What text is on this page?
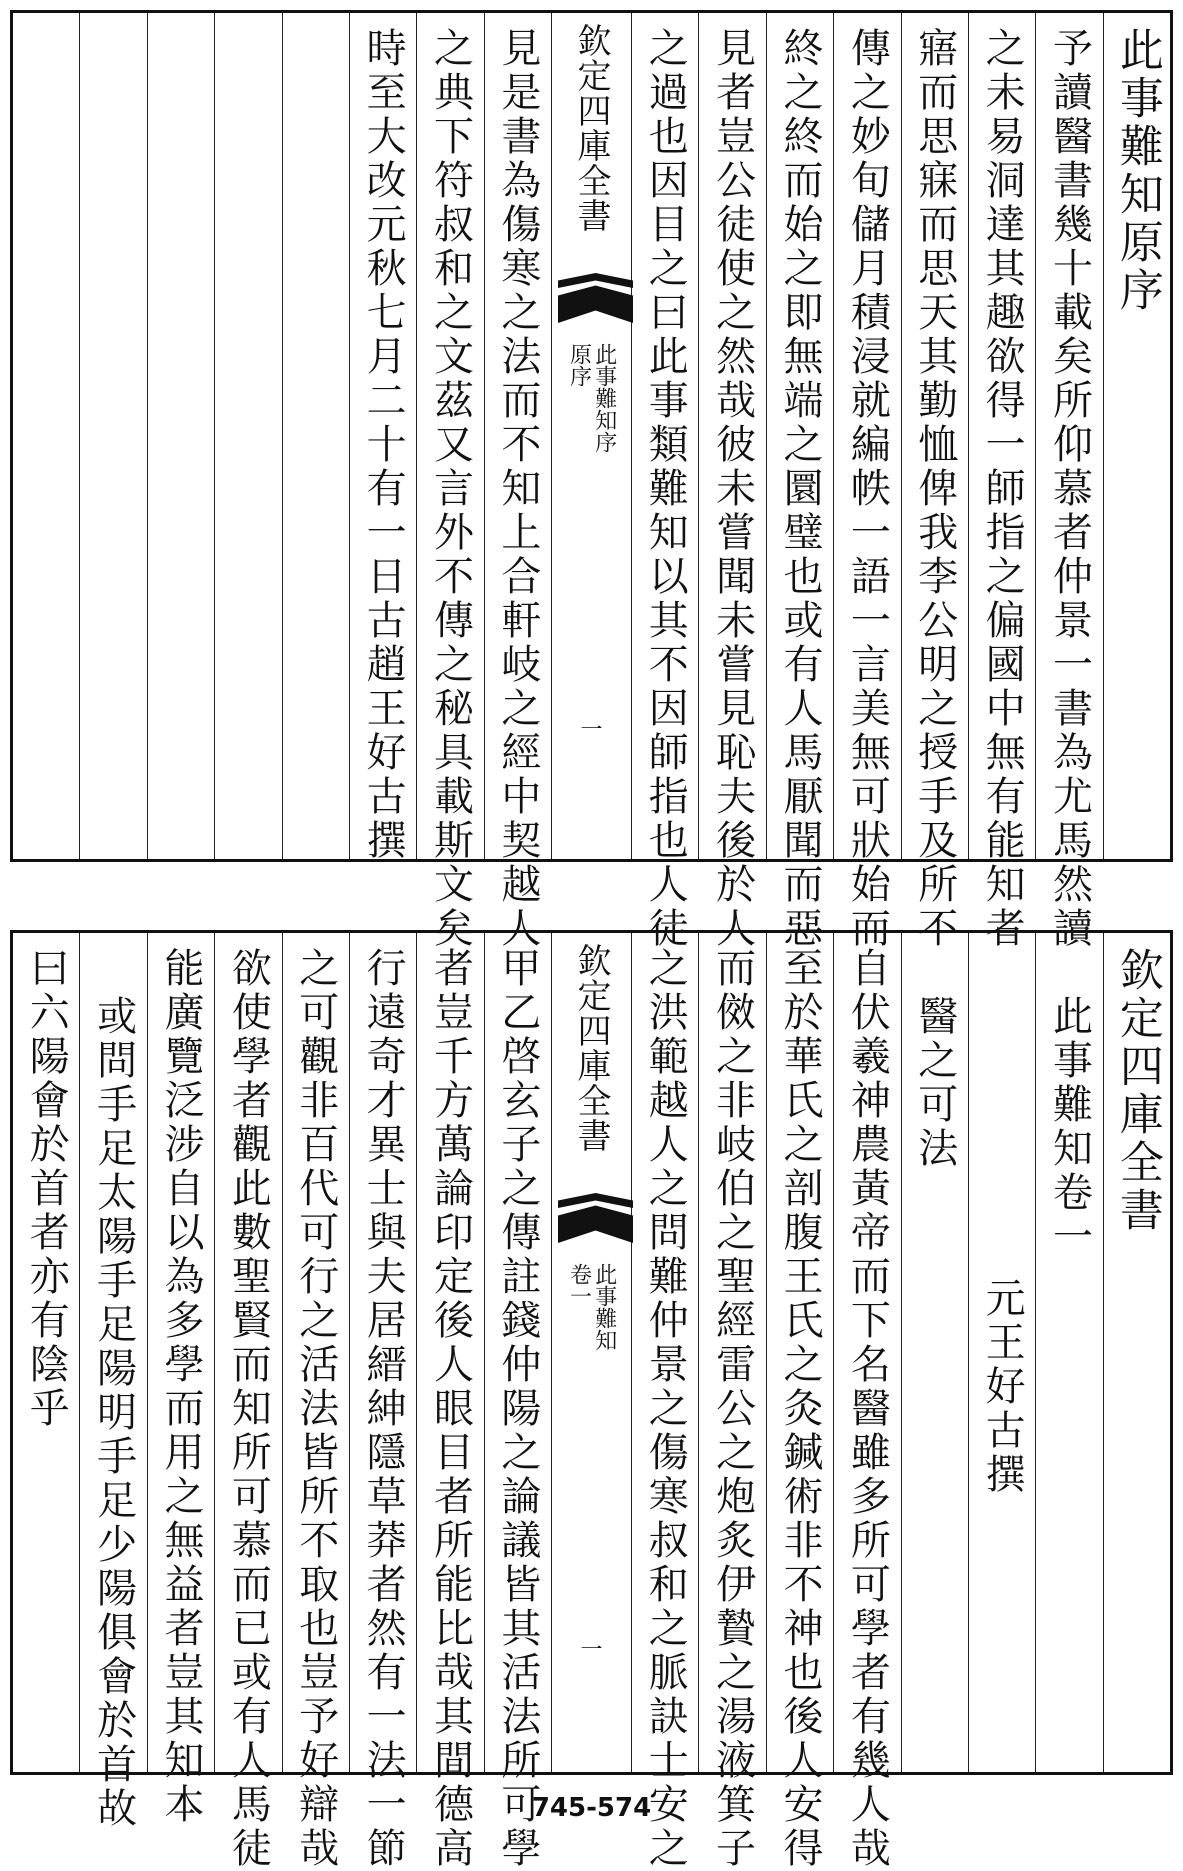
此事難知原序
予讀醫書幾十載矣所仰慕者仲景一書為尤馬然讀
之未易洞達其趣欲得一師指之偏國中無有能知者
寤而思寐而思天其勤恤俾我李公明之授手及所不
傳之妙旬儲月積浸就編帙一語一言美無可狀始而
終之終而始之即無端之圜璧也或有人馬厭聞而惡
見者豈公徒使之然哉彼未嘗聞未嘗見恥夫後於人
之過也因目之曰此事類難知以其不因師指也人徒
欽定四庫全書
此事難知序
原序
一
見是書為傷寒之法而不知上合軒岐之經中契越人
之典下符叔和之文茲又言外不傳之秘具載斯文矣
時至大改元秋七月二十有一日古趙王好古撰
欽定四庫全書
此事難知卷一
元王好古撰
醫之可法
自伏羲神農黃帝而下名醫雖多所可學者有幾人哉
至於華氏之剖腹王氏之灸鍼術非不神也後人安得
而傚之非岐伯之聖經雷公之炮炙伊贄之湯液箕子
之洪範越人之問難仲景之傷寒叔和之脈訣士安之
欽定四庫全書
此事難知
卷一
一
甲乙啓玄子之傳註錢仲陽之論議皆其活法所可學
者豈千方萬論印定後人眼目者所能比哉其間德高
行遠奇才異士與夫居縉紳隱草莽者然有一法一節
之可觀非百代可行之活法皆所不取也豈予好辯哉
欲使學者觀此數聖賢而知所可慕而已或有人馬徒
能廣覽泛涉自以為多學而用之無益者豈其知本
或問手足太陽手足陽明手足少陽俱會於首故
曰六陽會於首者亦有陰乎
745-574
